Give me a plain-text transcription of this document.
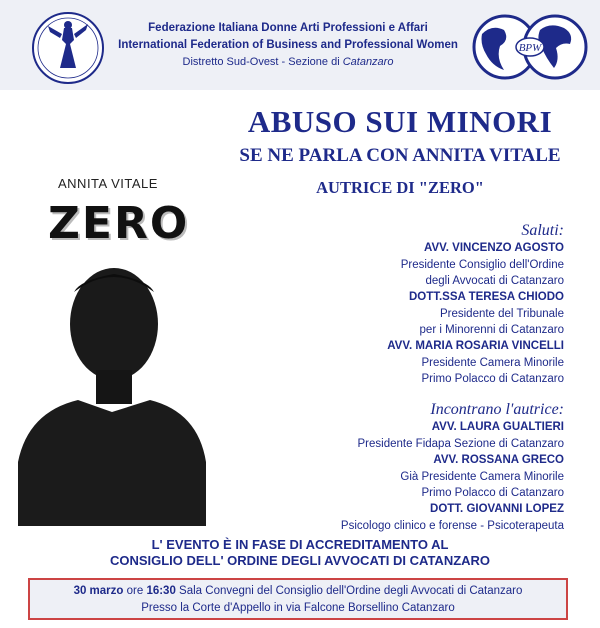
Federazione Italiana Donne Arti Professioni e Affari
International Federation of Business and Professional Women
Distretto Sud-Ovest - Sezione di Catanzaro
BPW
ABUSO SUI MINORI
SE NE PARLA CON ANNITA VITALE
AUTRICE DI "ZERO"
ANNITA VITALE
ZERO	Saluti:
AVV. VINCENZO AGOSTO
Presidente Consiglio dell'Ordine
degli Avvocati di Catanzaro
DOTT.SSA TERESA CHIODO
Presidente del Tribunale
per i Minorenni di Catanzaro
AVV. MARIA ROSARIA VINCELLI
Presidente Camera Minorile
Primo Polacco di Catanzaro
Incontrano l'autrice:
AVV. LAURA GUALTIERI
Presidente Fidapa Sezione di Catanzaro
AVV. ROSSANA GRECO
Già Presidente Camera Minorile
Primo Polacco di Catanzaro
DOTT. GIOVANNI LOPEZ
Psicologo clinico e forense - Psicoterapeuta
L' EVENTO È IN FASE DI ACCREDITAMENTO AL
CONSIGLIO DELL' ORDINE DEGLI AVVOCATI DI CATANZARO
30 marzo ore 16:30 Sala Convegni del Consiglio dell'Ordine degli Avvocati di Catanzaro
Presso la Corte d'Appello in via Falcone Borsellino Catanzaro
